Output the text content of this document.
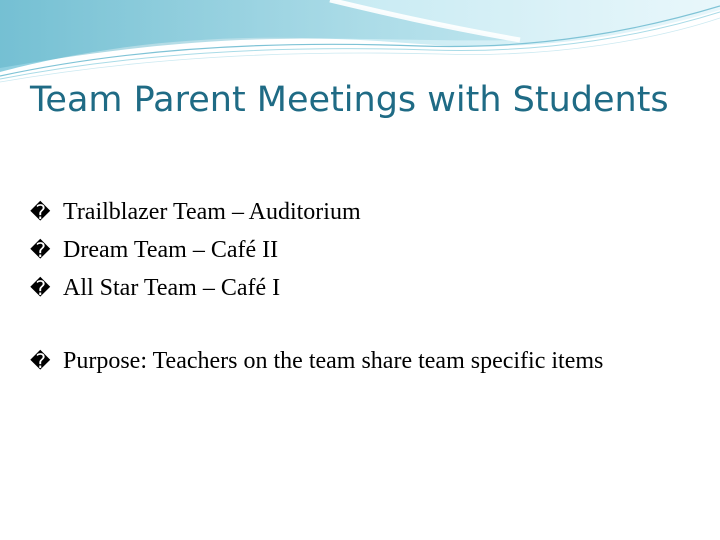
Team Parent Meetings with Students
� Trailblazer Team – Auditorium
� Dream Team – Café II
� All Star Team – Café I
� Purpose: Teachers on the team share team specific items
